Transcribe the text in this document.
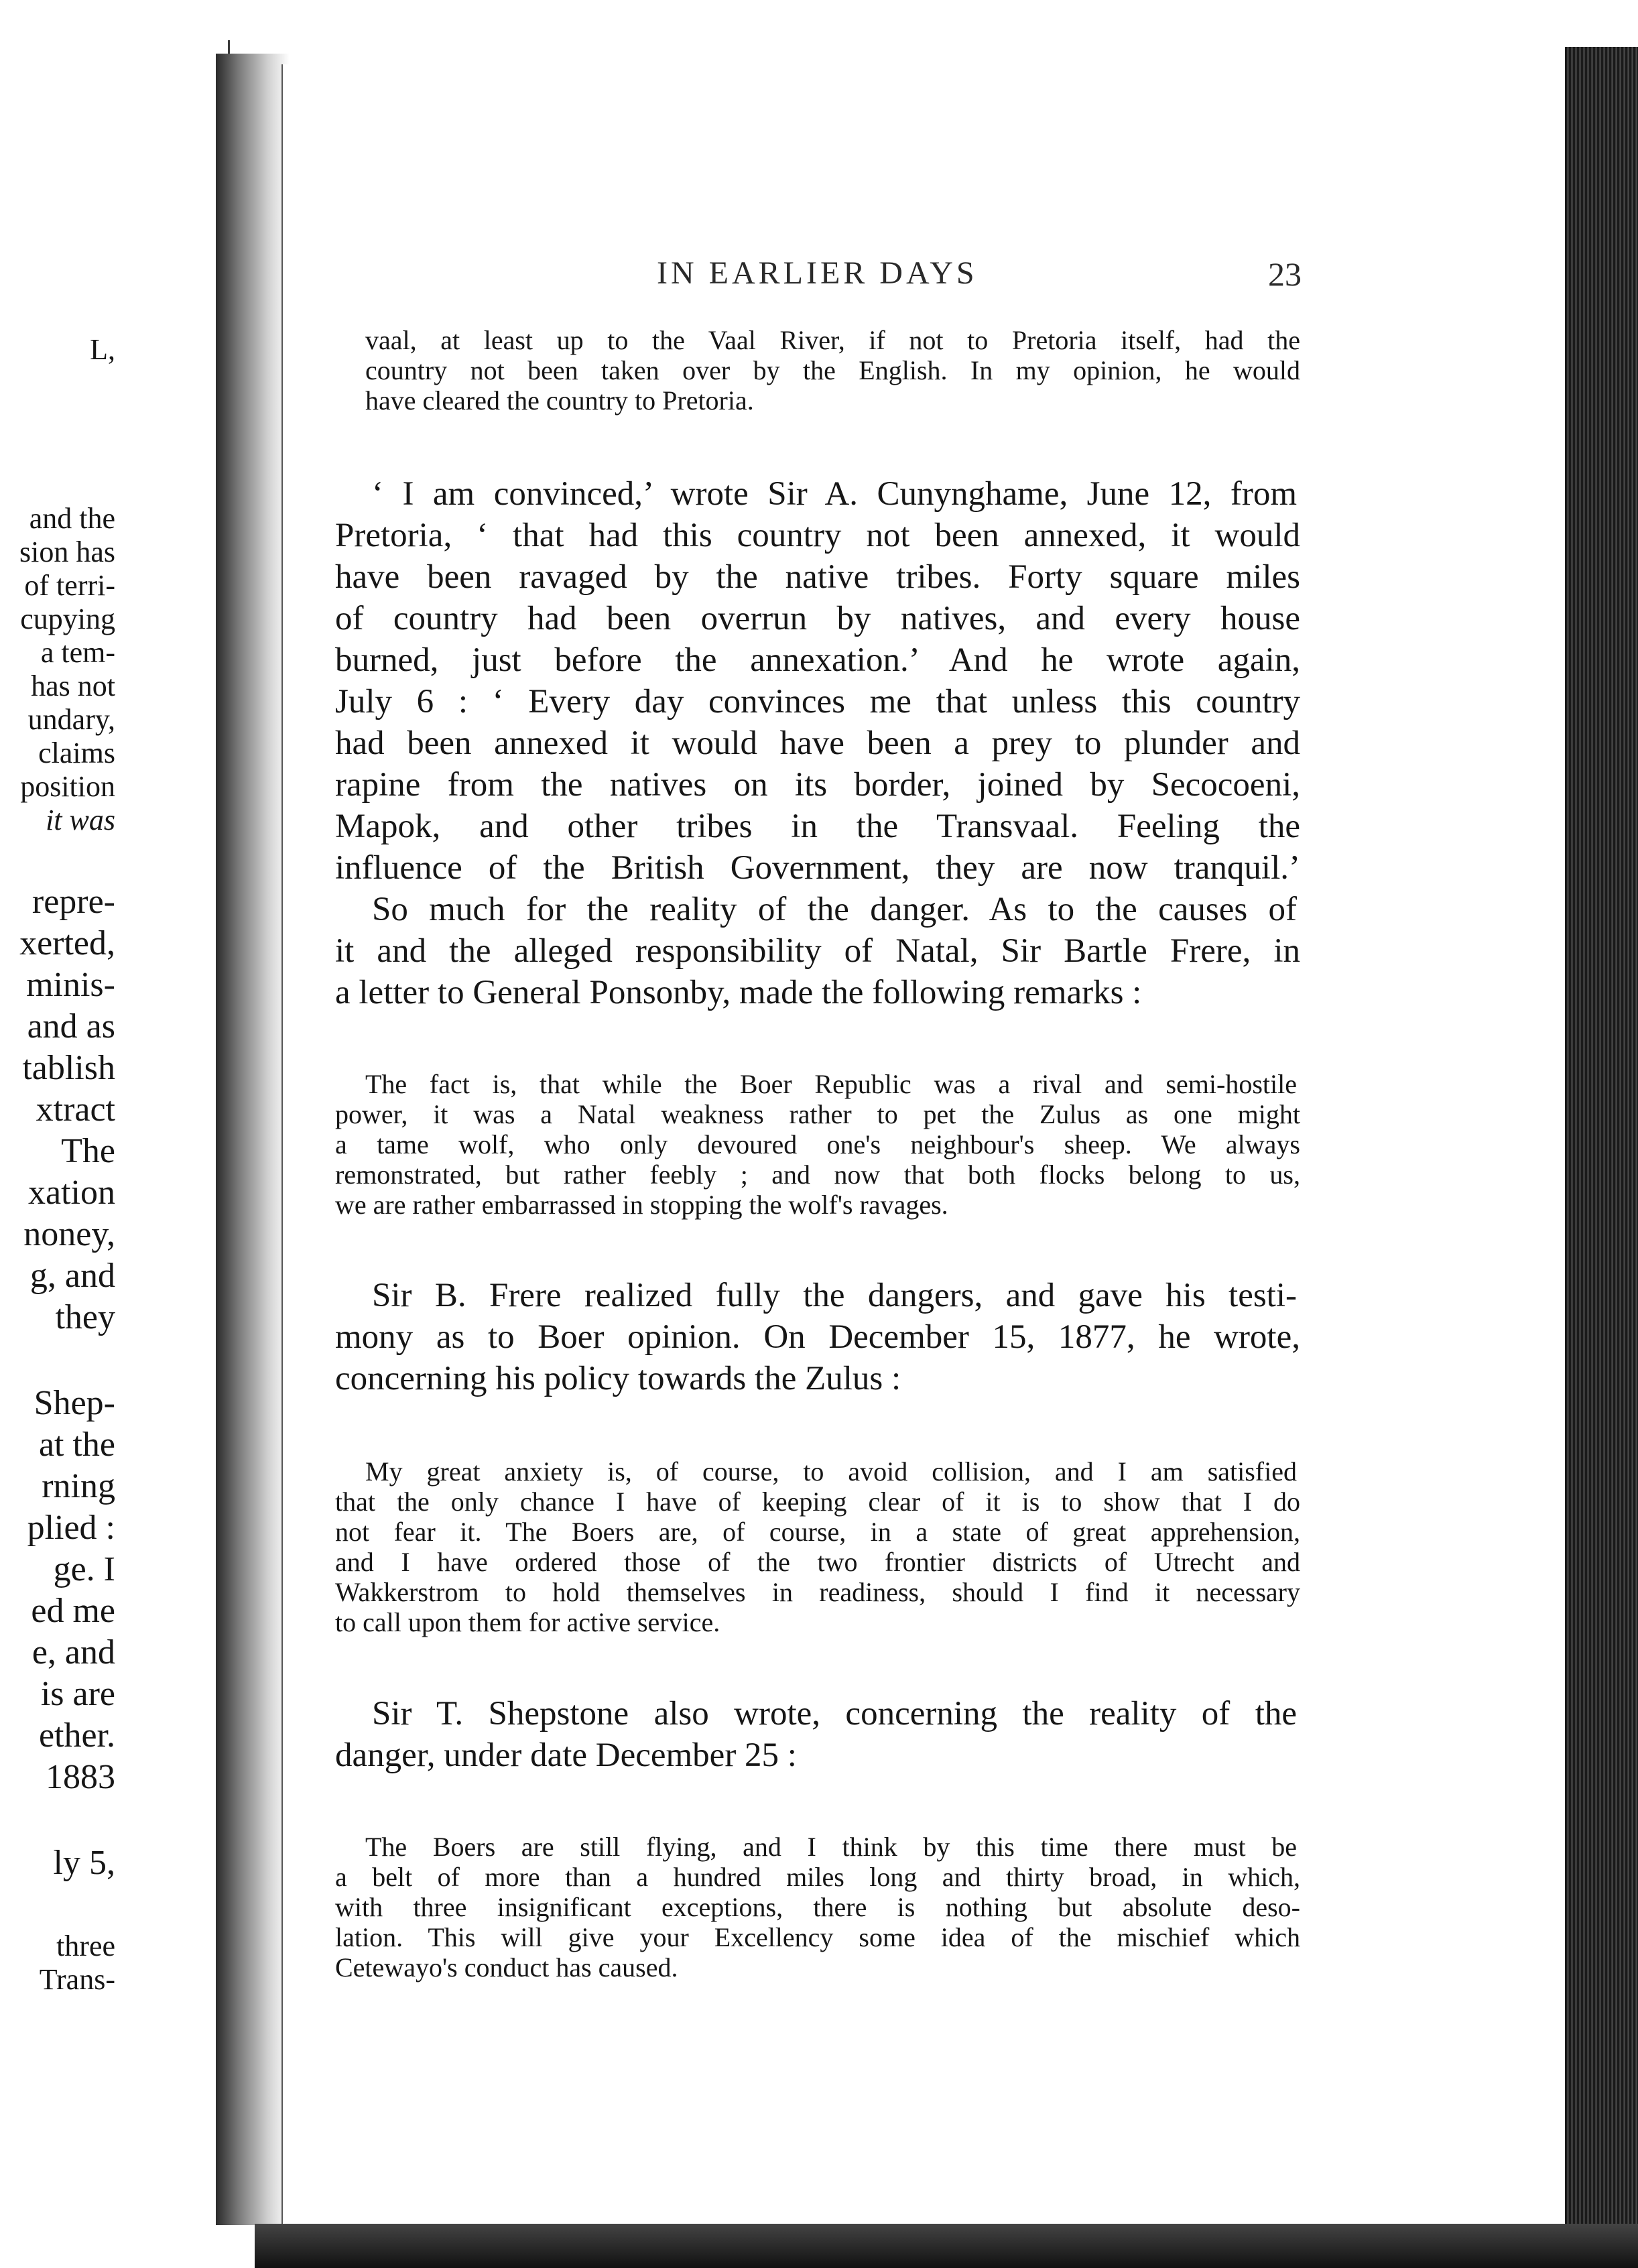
L,
and the
sion has
of terri-
cupying
a tem-
has not
undary,
claims
position
it was
repre-
xerted,
minis-
and as
tablish
xtract
The
xation
noney,
g, and
they
Shep-
at the
rning
plied :
ge. I
ed me
e, and
is are
ether.
1883
ly 5,
three
Trans-
IN EARLIER DAYS	23
vaal, at least up to the Vaal River, if not to Pretoria itself, had the
country not been taken over by the English. In my opinion, he would
have cleared the country to Pretoria.
‘ I am convinced,’ wrote Sir A. Cunynghame, June 12, from
Pretoria, ‘ that had this country not been annexed, it would
have been ravaged by the native tribes. Forty square miles
of country had been overrun by natives, and every house
burned, just before the annexation.’ And he wrote again,
July 6 : ‘ Every day convinces me that unless this country
had been annexed it would have been a prey to plunder and
rapine from the natives on its border, joined by Secocoeni,
Mapok, and other tribes in the Transvaal. Feeling the
influence of the British Government, they are now tranquil.’
So much for the reality of the danger. As to the causes of
it and the alleged responsibility of Natal, Sir Bartle Frere, in
a letter to General Ponsonby, made the following remarks :
The fact is, that while the Boer Republic was a rival and semi-hostile
power, it was a Natal weakness rather to pet the Zulus as one might
a tame wolf, who only devoured one's neighbour's sheep. We always
remonstrated, but rather feebly ; and now that both flocks belong to us,
we are rather embarrassed in stopping the wolf's ravages.
Sir B. Frere realized fully the dangers, and gave his testi-
mony as to Boer opinion. On December 15, 1877, he wrote,
concerning his policy towards the Zulus :
My great anxiety is, of course, to avoid collision, and I am satisfied
that the only chance I have of keeping clear of it is to show that I do
not fear it. The Boers are, of course, in a state of great apprehension,
and I have ordered those of the two frontier districts of Utrecht and
Wakkerstrom to hold themselves in readiness, should I find it necessary
to call upon them for active service.
Sir T. Shepstone also wrote, concerning the reality of the
danger, under date December 25 :
The Boers are still flying, and I think by this time there must be
a belt of more than a hundred miles long and thirty broad, in which,
with three insignificant exceptions, there is nothing but absolute deso-
lation. This will give your Excellency some idea of the mischief which
Cetewayo's conduct has caused.
